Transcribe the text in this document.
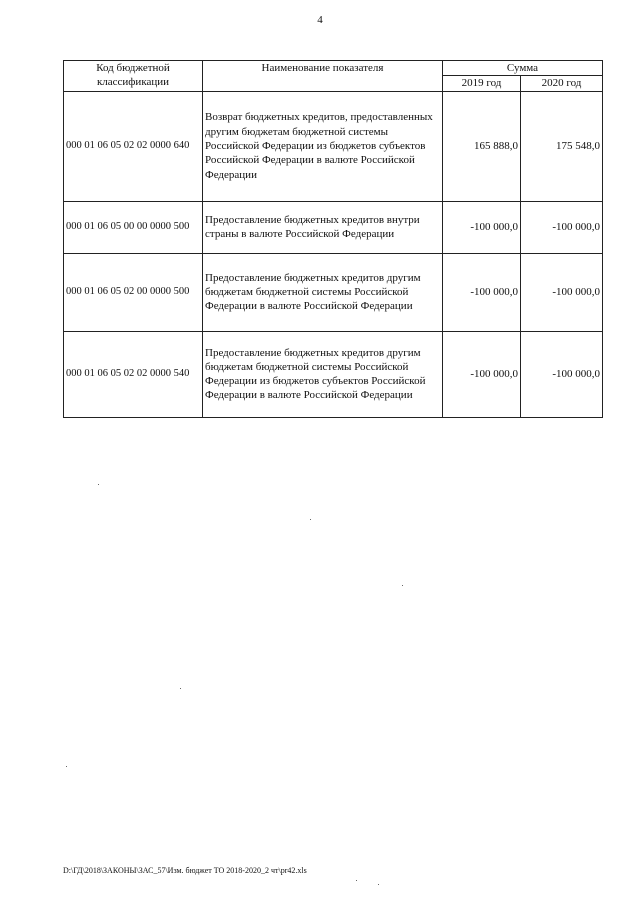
4
Код бюджетной классификации	Наименование показателя	Сумма	
		2019 год	2020 год
000 01 06 05 02 02 0000 640	Возврат бюджетных кредитов, предоставленных другим бюджетам бюджетной системы Российской Федерации из бюджетов субъектов Российской Федерации в валюте Российской Федерации	165 888,0	175 548,0
000 01 06 05 00 00 0000 500	Предоставление бюджетных кредитов внутри страны в валюте Российской Федерации	-100 000,0	-100 000,0
000 01 06 05 02 00 0000 500	Предоставление бюджетных кредитов другим бюджетам бюджетной системы Российской Федерации в валюте Российской Федерации	-100 000,0	-100 000,0
000 01 06 05 02 02 0000 540	Предоставление бюджетных кредитов другим бюджетам бюджетной системы Российской Федерации из бюджетов субъектов Российской Федерации в валюте Российской Федерации	-100 000,0	-100 000,0
D:\ГД\2018\ЗАКОНЫ\ЗАС_57\Изм. бюджет ТО 2018-2020_2 чт\pr42.xls
